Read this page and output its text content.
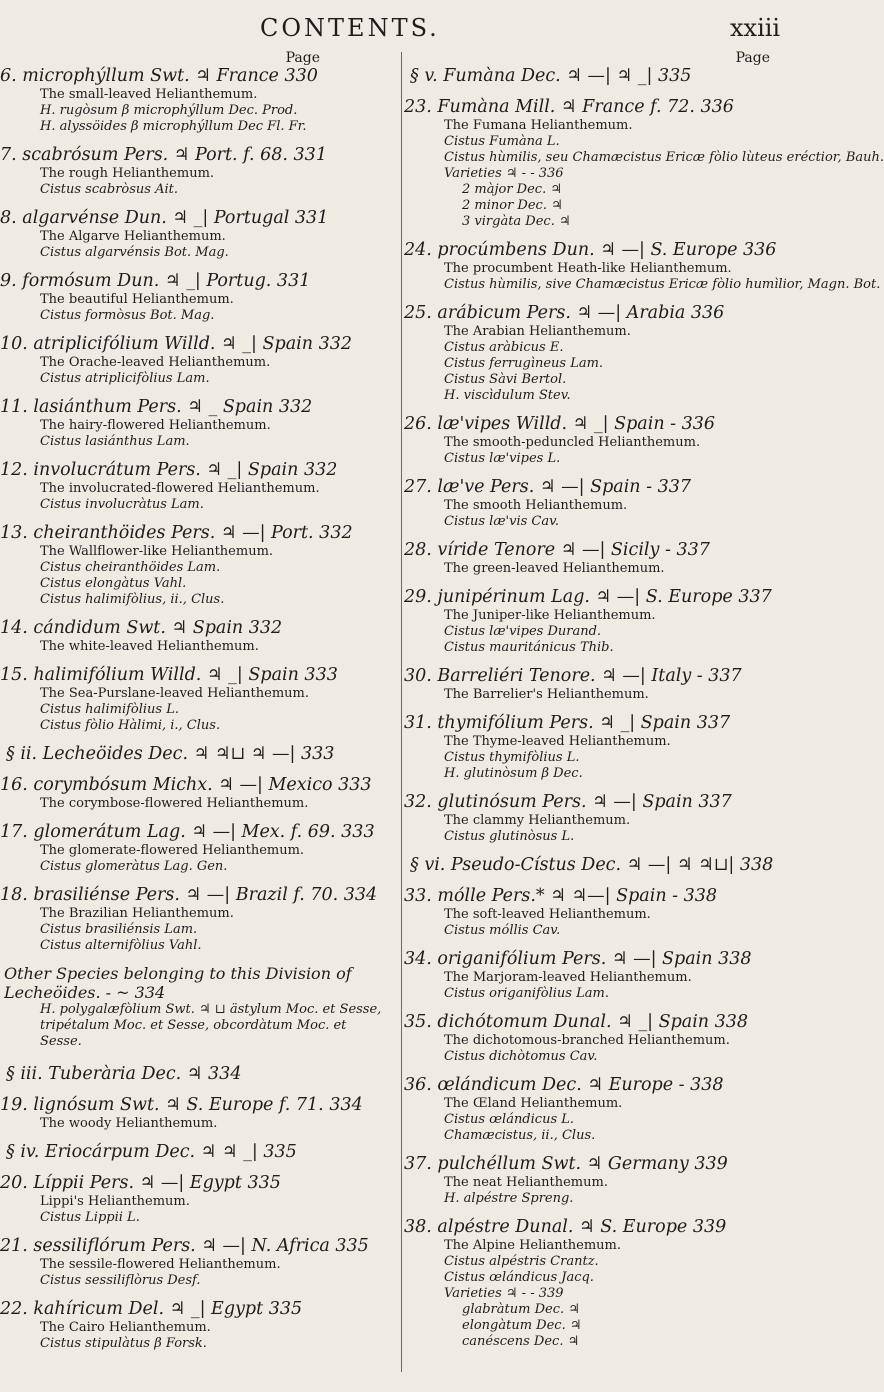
CONTENTS.	xxiii
Page
6. microphýllum Swt. ♃ France 330
The small-leaved Helianthemum.
H. rugòsum β microphýllum Dec. Prod.
H. alyssöides β microphýllum Dec Fl. Fr.
7. scabrósum Pers. ♃ Port. f. 68. 331
The rough Helianthemum.
Cistus scabròsus Ait.
8. algarvénse Dun. ♃ _| Portugal 331
The Algarve Helianthemum.
Cistus algarvénsis Bot. Mag.
9. formósum Dun. ♃ _| Portug. 331
The beautiful Helianthemum.
Cistus formòsus Bot. Mag.
10. atriplicifólium Willd. ♃ _| Spain 332
The Orache-leaved Helianthemum.
Cistus atriplicifòlius Lam.
11. lasiánthum Pers. ♃ _ Spain 332
The hairy-flowered Helianthemum.
Cistus lasiánthus Lam.
12. involucrátum Pers. ♃ _| Spain 332
The involucrated-flowered Helianthemum.
Cistus involucràtus Lam.
13. cheiranthöides Pers. ♃ —| Port. 332
The Wallflower-like Helianthemum.
Cistus cheiranthöides Lam.
Cistus elongàtus Vahl.
Cistus halimifòlius, ii., Clus.
14. cándidum Swt. ♃ Spain 332
The white-leaved Helianthemum.
15. halimifólium Willd. ♃ _| Spain 333
The Sea-Purslane-leaved Helianthemum.
Cistus halimifòlius L.
Cistus fòlio Hàlimi, i., Clus.
§ ii. Lecheöides Dec. ♃ ♃⊔ ♃ —| 333
16. corymbósum Michx. ♃ —| Mexico 333
The corymbose-flowered Helianthemum.
17. glomerátum Lag. ♃ —| Mex. f. 69. 333
The glomerate-flowered Helianthemum.
Cistus glomeràtus Lag. Gen.
18. brasiliénse Pers. ♃ —| Brazil f. 70. 334
The Brazilian Helianthemum.
Cistus brasiliénsis Lam.
Cistus alternifòlius Vahl.
Other Species belonging to this Division of Lecheöides. - ~ 334
H. polygalæfòlium Swt. ♃ ⊔ ästylum Moc. et Sesse, tripétalum Moc. et Sesse, obcordàtum Moc. et Sesse.
§ iii. Tuberària Dec. ♃ 334
19. lignósum Swt. ♃ S. Europe f. 71. 334
The woody Helianthemum.
§ iv. Eriocárpum Dec. ♃ ♃ _| 335
20. Líppii Pers. ♃ —| Egypt 335
Lippi's Helianthemum.
Cistus Lippii L.
21. sessiliflórum Pers. ♃ —| N. Africa 335
The sessile-flowered Helianthemum.
Cistus sessiliflòrus Desf.
22. kahíricum Del. ♃ _| Egypt 335
The Cairo Helianthemum.
Cistus stipulàtus β Forsk.
Page
§ v. Fumàna Dec. ♃ —| ♃ _| 335
23. Fumàna Mill. ♃ France f. 72. 336
The Fumana Helianthemum.
Cistus Fumàna L.
Cistus hùmilis, seu Chamæcistus Ericæ fòlio lùteus eréctior, Bauh.
Varieties ♃ - - 336
2 màjor Dec. ♃
2 minor Dec. ♃
3 virgàta Dec. ♃
24. procúmbens Dun. ♃ —| S. Europe 336
The procumbent Heath-like Helianthemum.
Cistus hùmilis, sive Chamæcistus Ericæ fòlio humìlior, Magn. Bot.
25. arábicum Pers. ♃ —| Arabia 336
The Arabian Helianthemum.
Cistus aràbicus E.
Cistus ferrugìneus Lam.
Cistus Sàvi Bertol.
H. viscìdulum Stev.
26. læ'vipes Willd. ♃ _| Spain - 336
The smooth-peduncled Helianthemum.
Cistus læ'vipes L.
27. læ've Pers. ♃ —| Spain - 337
The smooth Helianthemum.
Cistus læ'vis Cav.
28. víride Tenore ♃ —| Sicily - 337
The green-leaved Helianthemum.
29. junipérinum Lag. ♃ —| S. Europe 337
The Juniper-like Helianthemum.
Cistus læ'vipes Durand.
Cistus mauritánicus Thib.
30. Barreliéri Tenore. ♃ —| Italy - 337
The Barrelier's Helianthemum.
31. thymifólium Pers. ♃ _| Spain 337
The Thyme-leaved Helianthemum.
Cistus thymifòlius L.
H. glutinòsum β Dec.
32. glutinósum Pers. ♃ —| Spain 337
The clammy Helianthemum.
Cistus glutinòsus L.
§ vi. Pseudo-Cístus Dec. ♃ —| ♃ ♃⊔| 338
33. mólle Pers.* ♃ ♃—| Spain - 338
The soft-leaved Helianthemum.
Cistus móllis Cav.
34. origanifólium Pers. ♃ —| Spain 338
The Marjoram-leaved Helianthemum.
Cistus origanifòlius Lam.
35. dichótomum Dunal. ♃ _| Spain 338
The dichotomous-branched Helianthemum.
Cistus dichòtomus Cav.
36. œlándicum Dec. ♃ Europe - 338
The Œland Helianthemum.
Cistus œlándicus L.
Chamæcistus, ii., Clus.
37. pulchéllum Swt. ♃ Germany 339
The neat Helianthemum.
H. alpéstre Spreng.
38. alpéstre Dunal. ♃ S. Europe 339
The Alpine Helianthemum.
Cistus alpéstris Crantz.
Cistus œlándicus Jacq.
Varieties ♃ - - 339
glabràtum Dec. ♃
elongàtum Dec. ♃
canéscens Dec. ♃
